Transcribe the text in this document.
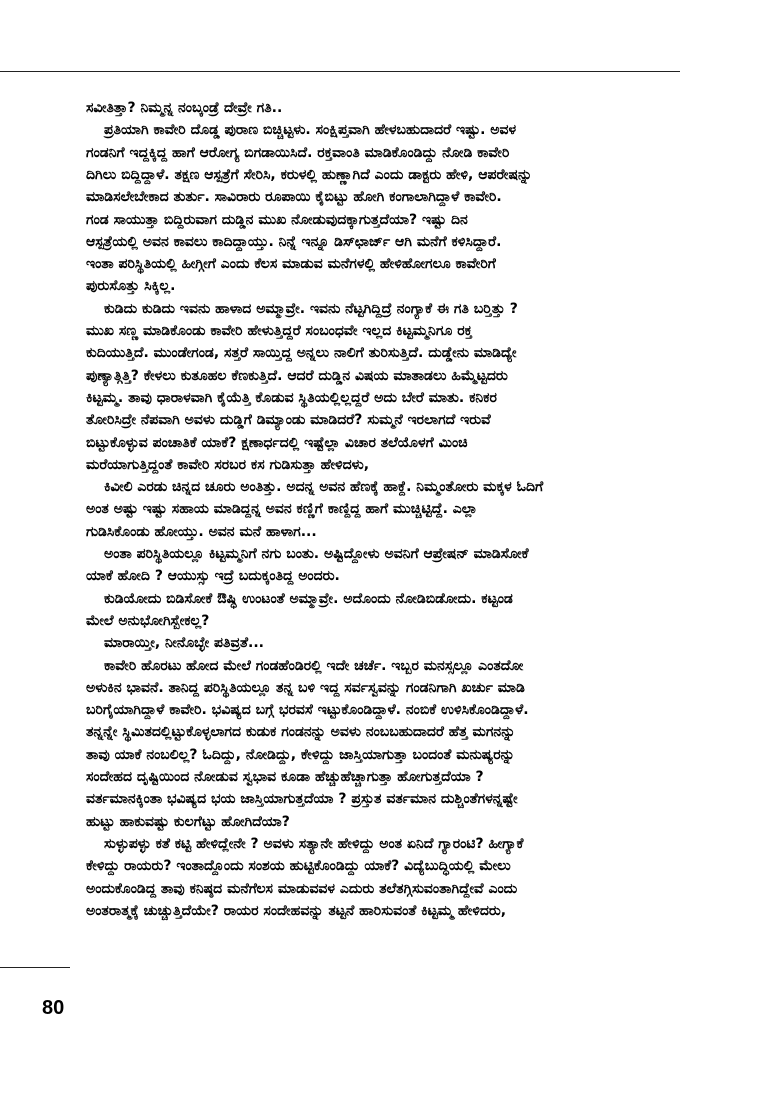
ಸವೀತಿತ್ತಾ? ನಿಮ್ಮನ್ನ ನಂಬ್ಕಂಡ್ರೆ ದೇವ್ರೇ ಗತಿ..
ಪ್ರತಿಯಾಗಿ ಕಾವೇರಿ ದೊಡ್ಡ ಪುರಾಣ ಬಿಚ್ಚಿಟ್ಟಳು. ಸಂಕ್ಷಿಪ್ತವಾಗಿ ಹೇಳಬಹುದಾದರೆ ಇಷ್ಟು. ಅವಳ
ಗಂಡನಿಗೆ ಇದ್ದಕ್ಕಿದ್ದ ಹಾಗೆ ಆರೋಗ್ಯ ಬಿಗಡಾಯಿಸಿದೆ. ರಕ್ತವಾಂತಿ ಮಾಡಿಕೊಂಡಿದ್ದು ನೋಡಿ ಕಾವೇರಿ
ದಿಗಿಲು ಬಿದ್ದಿದ್ದಾಳೆ. ತಕ್ಷಣ ಆಸ್ಪತ್ರೆಗೆ ಸೇರಿಸಿ, ಕರುಳಲ್ಲಿ ಹುಣ್ಣಾಗಿದೆ ಎಂದು ಡಾಕ್ಟರು ಹೇಳಿ, ಆಪರೇಷನ್ನು
ಮಾಡಿಸಲೇಬೇಕಾದ ತುರ್ತು. ಸಾವಿರಾರು ರೂಪಾಯಿ ಕೈಬಿಟ್ಟು ಹೋಗಿ ಕಂಗಾಲಾಗಿದ್ದಾಳೆ ಕಾವೇರಿ.
ಗಂಡ ಸಾಯುತ್ತಾ ಬಿದ್ದಿರುವಾಗ ದುಡ್ಡಿನ ಮುಖ ನೋಡುವುದಕ್ಕಾಗುತ್ತದೆಯಾ? ಇಷ್ಟು ದಿನ
ಆಸ್ಪತ್ರೆಯಲ್ಲಿ ಅವನ ಕಾವಲು ಕಾದಿದ್ದಾಯ್ತು. ನಿನ್ನೆ ಇನ್ನೂ ಡಿಸ್‌ಛಾರ್ಜ್ ಆಗಿ ಮನೆಗೆ ಕಳಿಸಿದ್ದಾರೆ.
ಇಂತಾ ಪರಿಸ್ಥಿತಿಯಲ್ಲಿ ಹೀಗ್ಗೀಗೆ ಎಂದು ಕೆಲಸ ಮಾಡುವ ಮನೆಗಳಲ್ಲಿ ಹೇಳಿಹೋಗಲೂ ಕಾವೇರಿಗೆ
ಪುರುಸೊತ್ತು ಸಿಕ್ಕಿಲ್ಲ.
ಕುಡಿದು ಕುಡಿದು ಇವನು ಹಾಳಾದ ಅಮ್ಮಾವ್ರೇ. ಇವನು ನೆಟ್ಟಗಿದ್ದಿದ್ರೆ ನಂಗ್ಯಾಕೆ ಈ ಗತಿ ಬರ್‍ತಿತ್ತು ?
ಮುಖ ಸಣ್ಣ ಮಾಡಿಕೊಂಡು ಕಾವೇರಿ ಹೇಳುತ್ತಿದ್ದರೆ ಸಂಬಂಧವೇ ಇಲ್ಲದ ಕಿಟ್ಟಮ್ಮನಿಗೂ ರಕ್ತ
ಕುದಿಯುತ್ತಿದೆ. ಮುಂಡೇಗಂಡ, ಸತ್ತರೆ ಸಾಯ್ತಿದ್ದ ಅನ್ನಲು ನಾಲಿಗೆ ತುರಿಸುತ್ತಿದೆ. ದುಡ್ಡೇನು ಮಾಡಿದ್ಯೇ
ಪುಣ್ಯಾತ್ಗಿತ್ತಿ? ಕೇಳಲು ಕುತೂಹಲ ಕೆಣಕುತ್ತಿದೆ. ಆದರೆ ದುಡ್ಡಿನ ವಿಷಯ ಮಾತಾಡಲು ಹಿಮ್ಮೆಟ್ಟದರು
ಕಿಟ್ಟಮ್ಮ. ತಾವು ಧಾರಾಳವಾಗಿ ಕೈಯೆತ್ತಿ ಕೊಡುವ ಸ್ಥಿತಿಯಲ್ಲಿಲ್ಲದ್ದರೆ ಅದು ಬೇರೆ ಮಾತು. ಕನಿಕರ
ತೋರಿಸಿದ್ರೇ ನೆಪವಾಗಿ ಅವಳು ದುಡ್ಡಿಗೆ ಡಿಮ್ಯಾಂಡು ಮಾಡಿದರೆ? ಸುಮ್ಮನೆ ಇರಲಾಗದೆ ಇರುವೆ
ಬಿಟ್ಟುಕೊಳ್ಳುವ ಪಂಚಾತಿಕೆ ಯಾಕೆ? ಕ್ಷಣಾರ್ಧದಲ್ಲಿ ಇಷ್ಟೆಲ್ಲಾ ವಿಚಾರ ತಲೆಯೊಳಗೆ ಮಿಂಚಿ
ಮರೆಯಾಗುತ್ತಿದ್ದಂತೆ ಕಾವೇರಿ ಸರಬರ ಕಸ ಗುಡಿಸುತ್ತಾ ಹೇಳಿದಳು,
ಕಿವೀಲಿ ಎರಡು ಚಿನ್ನದ ಚೂರು ಅಂತಿತ್ತು. ಅದನ್ನ ಅವನ ಹೆಣಕ್ಕೆ ಹಾಕ್ದೆ. ನಿಮ್ಮಂತೋರು ಮಕ್ಕಳ ಓದಿಗೆ
ಅಂತ ಅಷ್ಟು ಇಷ್ಟು ಸಹಾಯ ಮಾಡಿದ್ದನ್ನ ಅವನ ಕಣ್ಣಿಗೆ ಕಾಣ್ದಿದ್ದ ಹಾಗೆ ಮುಚ್ಚಿಟ್ಟಿದ್ದೆ. ಎಲ್ಲಾ
ಗುಡಿಸಿಕೊಂಡು ಹೋಯ್ತು. ಅವನ ಮನೆ ಹಾಳಾಗ...
ಅಂತಾ ಪರಿಸ್ಥಿತಿಯಲ್ಲೂ ಕಿಟ್ಟಮ್ಮನಿಗೆ ನಗು ಬಂತು. ಅಷ್ಟಿದ್ದೋಳು ಅವನಿಗೆ ಆಪ್ರೇಷನ್ ಮಾಡಿಸೋಕೆ
ಯಾಕೆ ಹೋದಿ ? ಆಯುಸ್ಸು ಇದ್ರೆ ಬದುಕ್ಕಂತಿದ್ದ ಅಂದರು.
ಕುಡಿಯೋದು ಬಿಡಿಸೋಕೆ ಔಷ್ಧಿ ಉಂಟಂತೆ ಅಮ್ಮಾವ್ರೇ. ಅದೊಂದು ನೋಡಿಬಿಡೋದು. ಕಟ್ಟಂಡ
ಮೇಲೆ ಅನುಭೋಗಿಸ್ಬೇಕಲ್ಲ?
ಮಾರಾಯ್ತೀ, ನೀನೊಬ್ಳೇ ಪತಿವ್ರತೆ...
ಕಾವೇರಿ ಹೊರಟು ಹೋದ ಮೇಲೆ ಗಂಡಹೆಂಡಿರಲ್ಲಿ ಇದೇ ಚರ್ಚೆ. ಇಬ್ಬರ ಮನಸ್ಸಲ್ಲೂ ಎಂತದೋ
ಅಳುಕಿನ ಭಾವನೆ. ತಾನಿದ್ದ ಪರಿಸ್ಥಿತಿಯಲ್ಲೂ ತನ್ನ ಬಳಿ ಇದ್ದ ಸರ್ವಸ್ವವನ್ನು ಗಂಡನಿಗಾಗಿ ಖರ್ಚು ಮಾಡಿ
ಬರಿಗೈಯಾಗಿದ್ದಾಳೆ ಕಾವೇರಿ. ಭವಿಷ್ಯದ ಬಗ್ಗೆ ಭರವಸೆ ಇಟ್ಟುಕೊಂಡಿದ್ದಾಳೆ. ನಂಬಿಕೆ ಉಳಿಸಿಕೊಂಡಿದ್ದಾಳೆ.
ತನ್ನನ್ನೇ ಸ್ಥಿಮಿತದಲ್ಲಿಟ್ಟುಕೊಳ್ಳಲಾಗದ ಕುಡುಕ ಗಂಡನನ್ನು ಅವಳು ನಂಬಬಹುದಾದರೆ ಹೆತ್ತ ಮಗನನ್ನು
ತಾವು ಯಾಕೆ ನಂಬಲಿಲ್ಲ? ಓದಿದ್ದು, ನೋಡಿದ್ದು, ಕೇಳಿದ್ದು ಜಾಸ್ತಿಯಾಗುತ್ತಾ ಬಂದಂತೆ ಮನುಷ್ಯರನ್ನು
ಸಂದೇಹದ ದೃಷ್ಟಿಯಿಂದ ನೋಡುವ ಸ್ವಭಾವ ಕೂಡಾ ಹೆಚ್ಚುಹೆಚ್ಚಾಗುತ್ತಾ ಹೋಗುತ್ತದೆಯಾ ?
ವರ್ತಮಾನಕ್ಕಿಂತಾ ಭವಿಷ್ಯದ ಭಯ ಜಾಸ್ತಿಯಾಗುತ್ತದೆಯಾ ? ಪ್ರಸ್ತುತ ವರ್ತಮಾನ ದುಶ್ಚಿಂತೆಗಳನ್ನಷ್ಟೇ
ಹುಟ್ಟು ಹಾಕುವಷ್ಟು ಕುಲಗೆಟ್ಟು ಹೋಗಿದೆಯಾ?
ಸುಳ್ಳುಪಳ್ಳು ಕತೆ ಕಟ್ಟಿ ಹೇಳಿದ್ಲೇನೇ ? ಅವಳು ಸತ್ಯಾನೇ ಹೇಳಿದ್ದು ಅಂತ ಏನಿದೆ ಗ್ಯಾರಂಟಿ? ಹೀಗ್ಯಾಕೆ
ಕೇಳಿದ್ದು ರಾಯರು? ಇಂತಾದ್ದೊಂದು ಸಂಶಯ ಹುಟ್ಟಿಕೊಂಡಿದ್ದು ಯಾಕೆ? ವಿದ್ಯೆಬುದ್ಧಿಯಲ್ಲಿ ಮೇಲು
ಅಂದುಕೊಂಡಿದ್ದ ತಾವು ಕನಿಷ್ಠದ ಮನೆಗೆಲಸ ಮಾಡುವವಳ ಎದುರು ತಲೆತಗ್ಗಿಸುವಂತಾಗಿದ್ದೇವೆ ಎಂದು
ಅಂತರಾತ್ಮಕ್ಕೆ ಚುಚ್ಚುತ್ತಿದೆಯೇ? ರಾಯರ ಸಂದೇಹವನ್ನು ತಟ್ಟನೆ ಹಾರಿಸುವಂತೆ ಕಿಟ್ಟಮ್ಮ ಹೇಳಿದರು,
80
